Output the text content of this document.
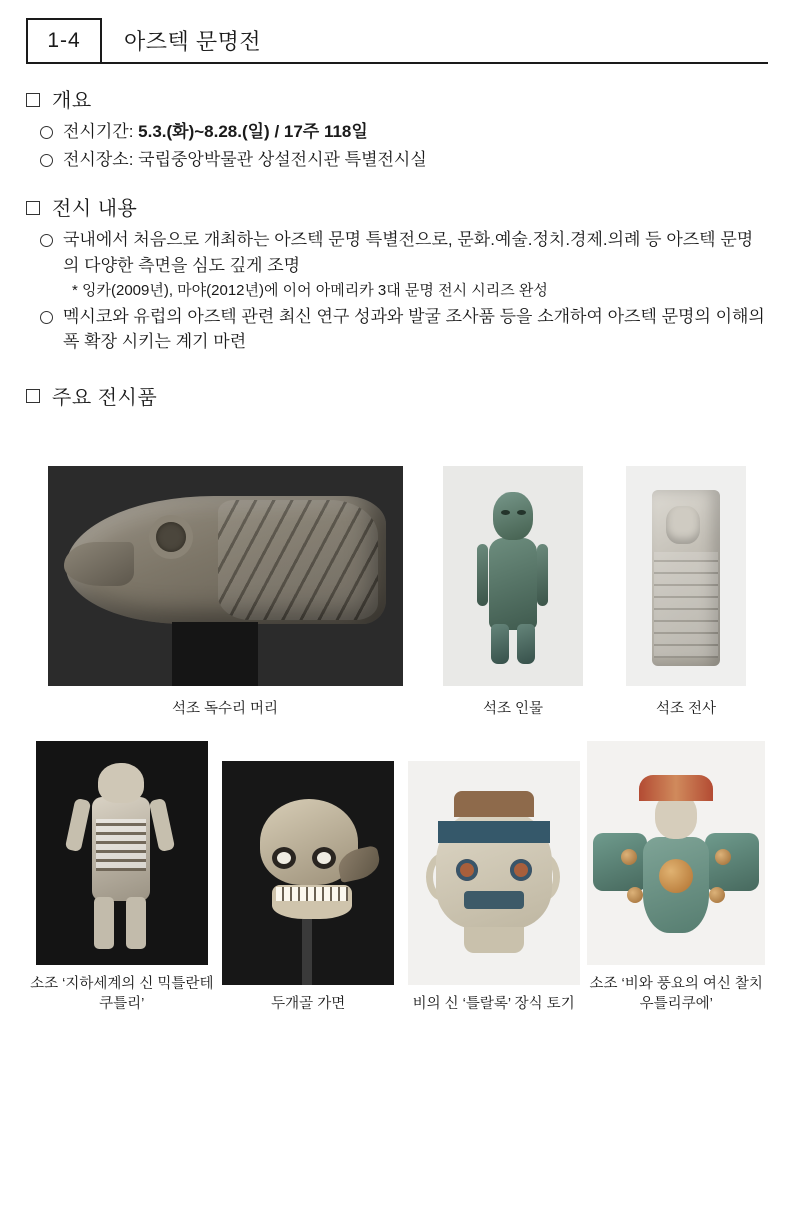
1-4	아즈텍 문명전
개요
전시기간: 5.3.(화)~8.28.(일) / 17주 118일
전시장소: 국립중앙박물관 상설전시관 특별전시실
전시 내용
국내에서 처음으로 개최하는 아즈텍 문명 특별전으로, 문화.예술.정치.경제.의례 등 아즈텍 문명의 다양한 측면을 심도 깊게 조명
* 잉카(2009년), 마야(2012년)에 이어 아메리카 3대 문명 전시 시리즈 완성
멕시코와 유럽의 아즈텍 관련 최신 연구 성과와 발굴 조사품 등을 소개하여 아즈텍 문명의 이해의 폭 확장 시키는 계기 마련
주요 전시품
석조 독수리 머리	석조 인물	석조 전사
소조 ‘지하세계의 신 믹틀란테쿠틀리’	두개골 가면	비의 신 ‘틀랄록’ 장식 토기
소조 ‘비와 풍요의 여신 찰치우틀리쿠에’
